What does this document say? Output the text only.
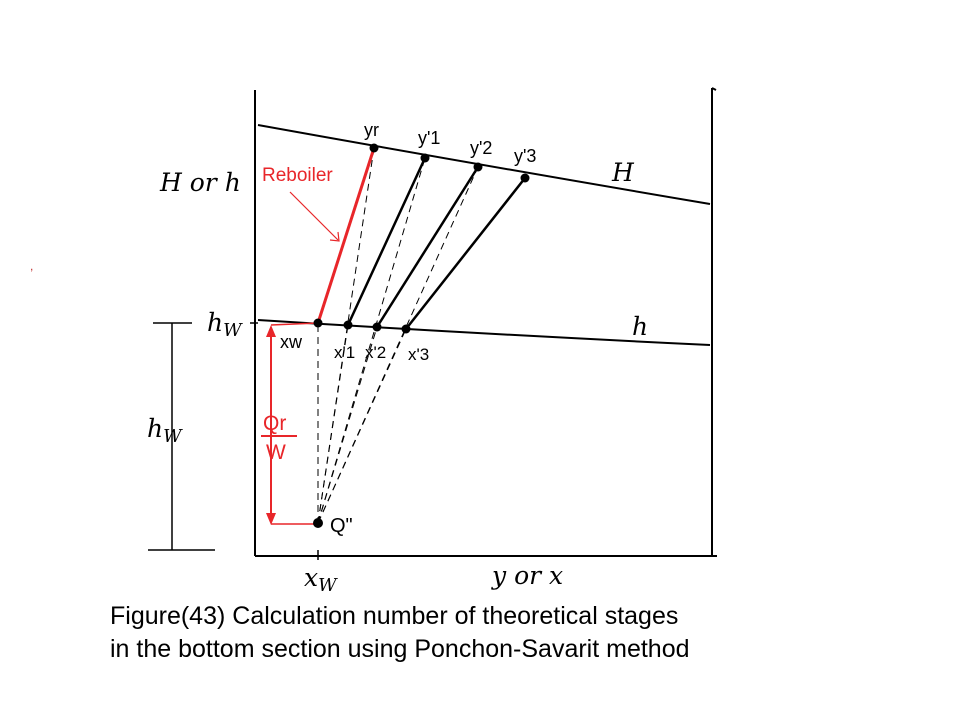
H or h	H
h
$h_W$
$h_W$
y or x
$x_W$
Reboiler
yr y'1 y'2 y'3
xw
x'1 x'2 x'3
Qr
W
Q"
,
Figure(43) Calculation number of theoretical stages
in the bottom section using Ponchon-Savarit method
